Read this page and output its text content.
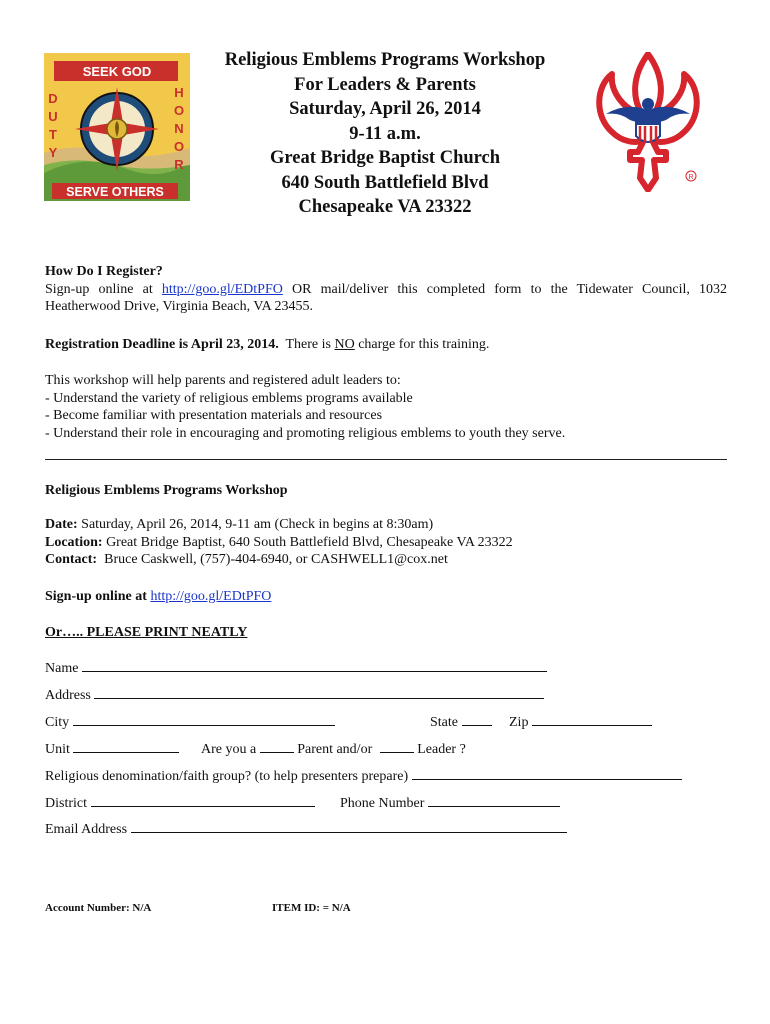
SEEK GOD
SERVE OTHERS
D
U
T
Y
H
O
N
O
R
Religious Emblems Programs Workshop
For Leaders & Parents
Saturday, April 26, 2014
9-11 a.m.
Great Bridge Baptist Church
640 South Battlefield Blvd
Chesapeake VA 23322
R
How Do I Register?
Sign-up online at http://goo.gl/EDtPFO OR mail/deliver this completed form to the Tidewater Council, 1032 Heatherwood Drive, Virginia Beach, VA 23455.
Registration Deadline is April 23, 2014.  There is NO charge for this training.
This workshop will help parents and registered adult leaders to:
- Understand the variety of religious emblems programs available
- Become familiar with presentation materials and resources
- Understand their role in encouraging and promoting religious emblems to youth they serve.
Religious Emblems Programs Workshop
Date: Saturday, April 26, 2014, 9-11 am (Check in begins at 8:30am)
Location: Great Bridge Baptist, 640 South Battlefield Blvd, Chesapeake VA 23322
Contact:  Bruce Caskwell, (757)-404-6940, or CASHWELL1@cox.net
Sign-up online at http://goo.gl/EDtPFO
Or….. PLEASE PRINT NEATLY
Name
Address
City	State	Zip
Unit	Are you a	Parent and/or	Leader ?
Religious denomination/faith group? (to help presenters prepare)
District	Phone Number
Email Address
Account Number: N/A	ITEM ID: = N/A
